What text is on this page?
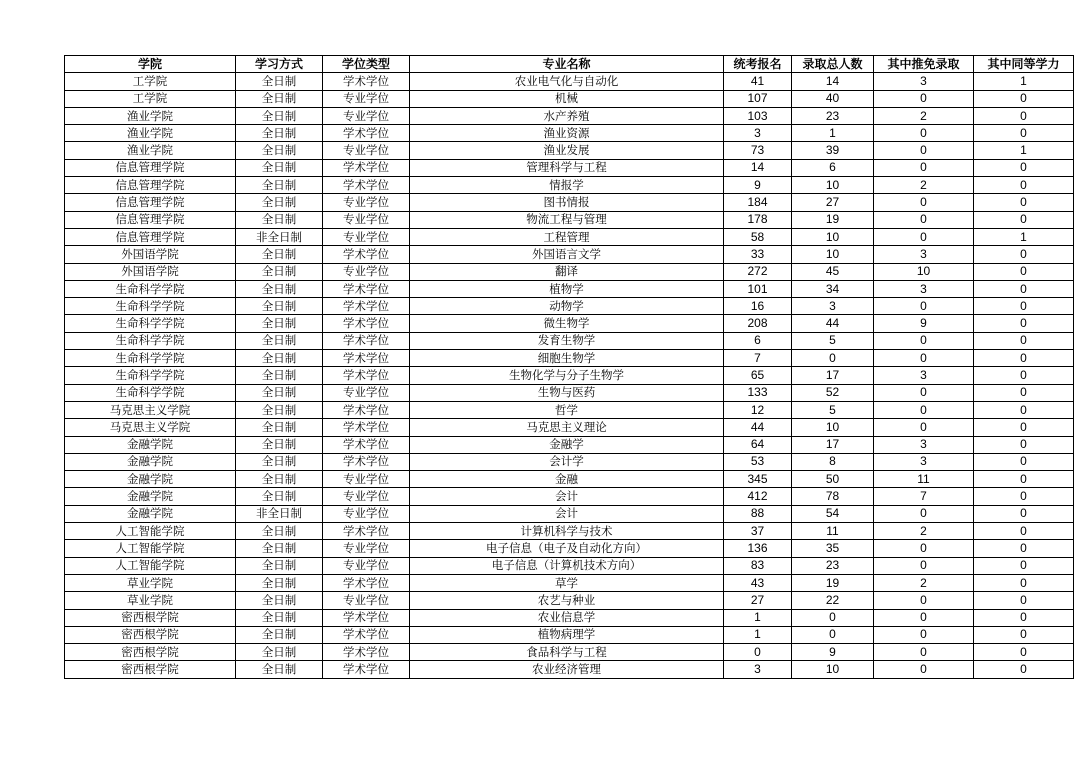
学院	学习方式	学位类型	专业名称	统考报名	录取总人数	其中推免录取	其中同等学力
工学院	全日制	学术学位	农业电气化与自动化	41	14	3	1
工学院	全日制	专业学位	机械	107	40	0	0
渔业学院	全日制	专业学位	水产养殖	103	23	2	0
渔业学院	全日制	学术学位	渔业资源	3	1	0	0
渔业学院	全日制	专业学位	渔业发展	73	39	0	1
信息管理学院	全日制	学术学位	管理科学与工程	14	6	0	0
信息管理学院	全日制	学术学位	情报学	9	10	2	0
信息管理学院	全日制	专业学位	图书情报	184	27	0	0
信息管理学院	全日制	专业学位	物流工程与管理	178	19	0	0
信息管理学院	非全日制	专业学位	工程管理	58	10	0	1
外国语学院	全日制	学术学位	外国语言文学	33	10	3	0
外国语学院	全日制	专业学位	翻译	272	45	10	0
生命科学学院	全日制	学术学位	植物学	101	34	3	0
生命科学学院	全日制	学术学位	动物学	16	3	0	0
生命科学学院	全日制	学术学位	微生物学	208	44	9	0
生命科学学院	全日制	学术学位	发育生物学	6	5	0	0
生命科学学院	全日制	学术学位	细胞生物学	7	0	0	0
生命科学学院	全日制	学术学位	生物化学与分子生物学	65	17	3	0
生命科学学院	全日制	专业学位	生物与医药	133	52	0	0
马克思主义学院	全日制	学术学位	哲学	12	5	0	0
马克思主义学院	全日制	学术学位	马克思主义理论	44	10	0	0
金融学院	全日制	学术学位	金融学	64	17	3	0
金融学院	全日制	学术学位	会计学	53	8	3	0
金融学院	全日制	专业学位	金融	345	50	11	0
金融学院	全日制	专业学位	会计	412	78	7	0
金融学院	非全日制	专业学位	会计	88	54	0	0
人工智能学院	全日制	学术学位	计算机科学与技术	37	11	2	0
人工智能学院	全日制	专业学位	电子信息（电子及自动化方向）	136	35	0	0
人工智能学院	全日制	专业学位	电子信息（计算机技术方向）	83	23	0	0
草业学院	全日制	学术学位	草学	43	19	2	0
草业学院	全日制	专业学位	农艺与种业	27	22	0	0
密西根学院	全日制	学术学位	农业信息学	1	0	0	0
密西根学院	全日制	学术学位	植物病理学	1	0	0	0
密西根学院	全日制	学术学位	食品科学与工程	0	9	0	0
密西根学院	全日制	学术学位	农业经济管理	3	10	0	0
